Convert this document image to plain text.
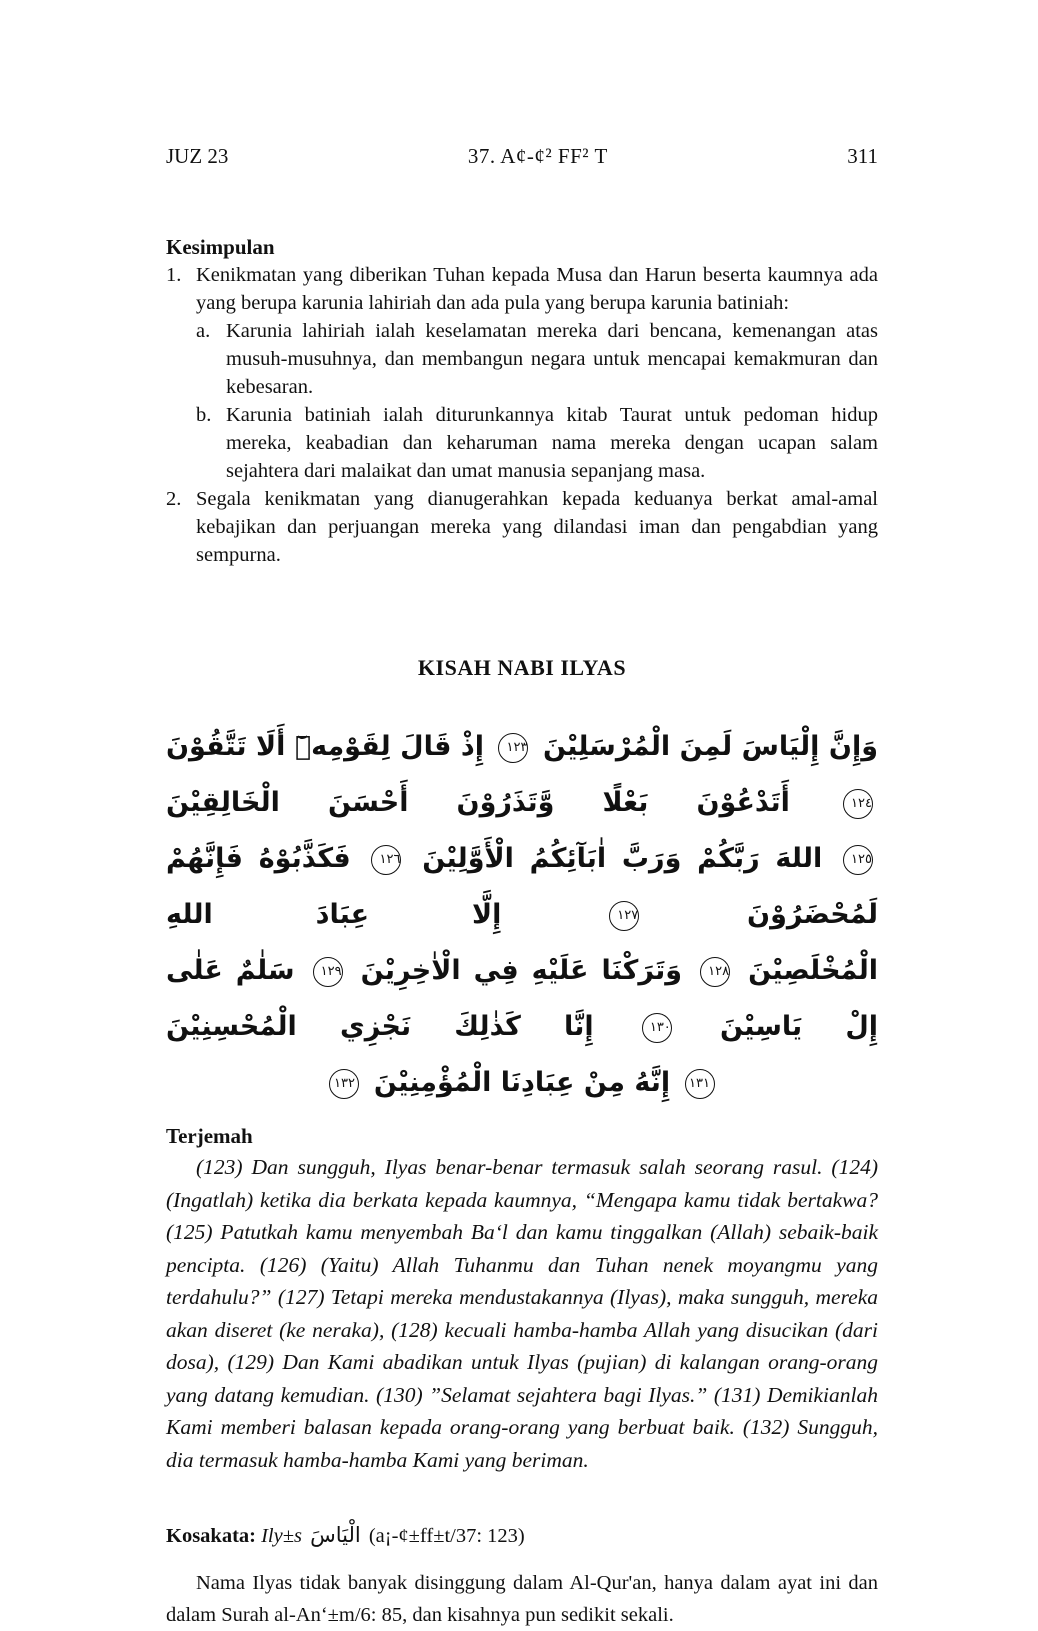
JUZ 23	37. A¢-¢² FF² T	311
Kesimpulan
1. Kenikmatan yang diberikan Tuhan kepada Musa dan Harun beserta kaumnya ada yang berupa karunia lahiriah dan ada pula yang berupa karunia batiniah:

a. Karunia lahiriah ialah keselamatan mereka dari bencana, kemenangan atas musuh-musuhnya, dan membangun negara untuk mencapai kemakmuran dan kebesaran.

b. Karunia batiniah ialah diturunkannya kitab Taurat untuk pedoman hidup mereka, keabadian dan keharuman nama mereka dengan ucapan salam sejahtera dari malaikat dan umat manusia sepanjang masa.

2. Segala kenikmatan yang dianugerahkan kepada keduanya berkat amal-amal kebajikan dan perjuangan mereka yang dilandasi iman dan pengabdian yang sempurna.

KISAH NABI ILYAS
وَإِنَّ إِلْيَاسَ لَمِنَ الْمُرْسَلِيْنَ ١٢٣ إِذْ قَالَ لِقَوْمِهٖٓ أَلَا تَتَّقُوْنَ ١٢٤ أَتَدْعُوْنَ بَعْلًا وَّتَذَرُوْنَ أَحْسَنَ الْخَالِقِيْنَ
١٢٥ اللهَ رَبَّكُمْ وَرَبَّ اٰبَآئِكُمُ الْأَوَّلِيْنَ ١٢٦ فَكَذَّبُوْهُ فَإِنَّهُمْ لَمُحْضَرُوْنَ ١٢٧ إِلَّا عِبَادَ اللهِ
الْمُخْلَصِيْنَ ١٢٨ وَتَرَكْنَا عَلَيْهِ فِي الْاٰخِرِيْنَ ١٢٩ سَلٰمٌ عَلٰى إِلْ يَاسِيْنَ ١٣٠ إِنَّا كَذٰلِكَ نَجْزِي الْمُحْسِنِيْنَ
١٣١ إِنَّهُ مِنْ عِبَادِنَا الْمُؤْمِنِيْنَ ١٣٢
Terjemah

(123) Dan sungguh, Ilyas benar-benar termasuk salah seorang rasul. (124) (Ingatlah) ketika dia berkata kepada kaumnya, “Mengapa kamu tidak bertakwa? (125) Patutkah kamu menyembah Ba‘l dan kamu tinggalkan (Allah) sebaik-baik pencipta. (126) (Yaitu) Allah Tuhanmu dan Tuhan nenek moyangmu yang terdahulu?” (127) Tetapi mereka mendustakannya (Ilyas), maka sungguh, mereka akan diseret (ke neraka), (128) kecuali hamba-hamba Allah yang disucikan (dari dosa), (129) Dan Kami abadikan untuk Ilyas (pujian) di kalangan orang-orang yang datang kemudian. (130) ”Selamat sejahtera bagi Ilyas.” (131) Demikianlah Kami memberi balasan kepada orang-orang yang berbuat baik. (132) Sungguh, dia termasuk hamba-hamba Kami yang beriman.

Kosakata: Ily±s الْيَاسَ (a¡-¢±ff±t/37: 123)

Nama Ilyas tidak banyak disinggung dalam Al-Qur'an, hanya dalam ayat ini dan dalam Surah al-An‘±m/6: 85, dan kisahnya pun sedikit sekali.
